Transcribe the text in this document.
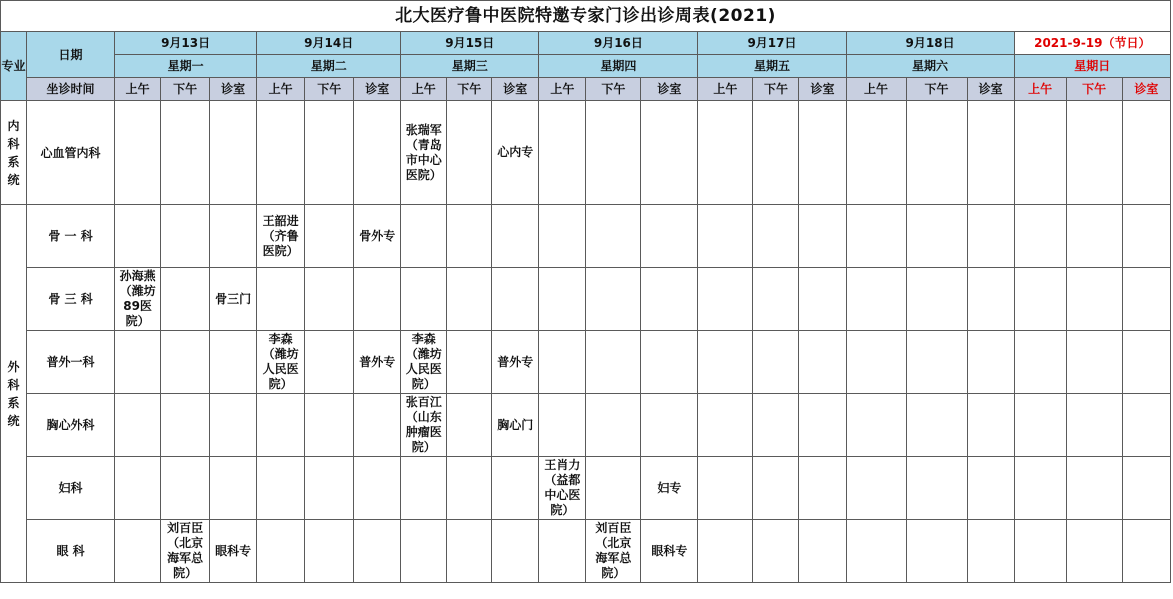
北大医疗鲁中医院特邀专家门诊出诊周表(2021)																						
专业	日期	9月13日			9月14日			9月15日			9月16日			9月17日			9月18日			2021-9-19（节日）		
		星期一			星期二			星期三			星期四			星期五			星期六			星期日		
	坐诊时间	上午	下午	诊室	上午	下午	诊室	上午	下午	诊室	上午	下午	诊室	上午	下午	诊室	上午	下午	诊室	上午	下午	诊室
内
科
系
统	心血管内科							张瑞军
（青岛
市中心
医院）		心内专												
外
科
系
统	骨 一 科				王韶进
（齐鲁
医院）		骨外专															
	骨 三 科	孙海燕
（潍坊
89医
院）		骨三门																		
	普外一科				李森
（潍坊
人民医
院）		普外专	李森
（潍坊
人民医
院）		普外专												
	胸心外科							张百江
（山东
肿瘤医
院）		胸心门												
	妇科										王肖力
（益都
中心医
院）		妇专									
	眼 科		刘百臣
（北京
海军总
院）	眼科专								刘百臣
（北京
海军总
院）	眼科专									
